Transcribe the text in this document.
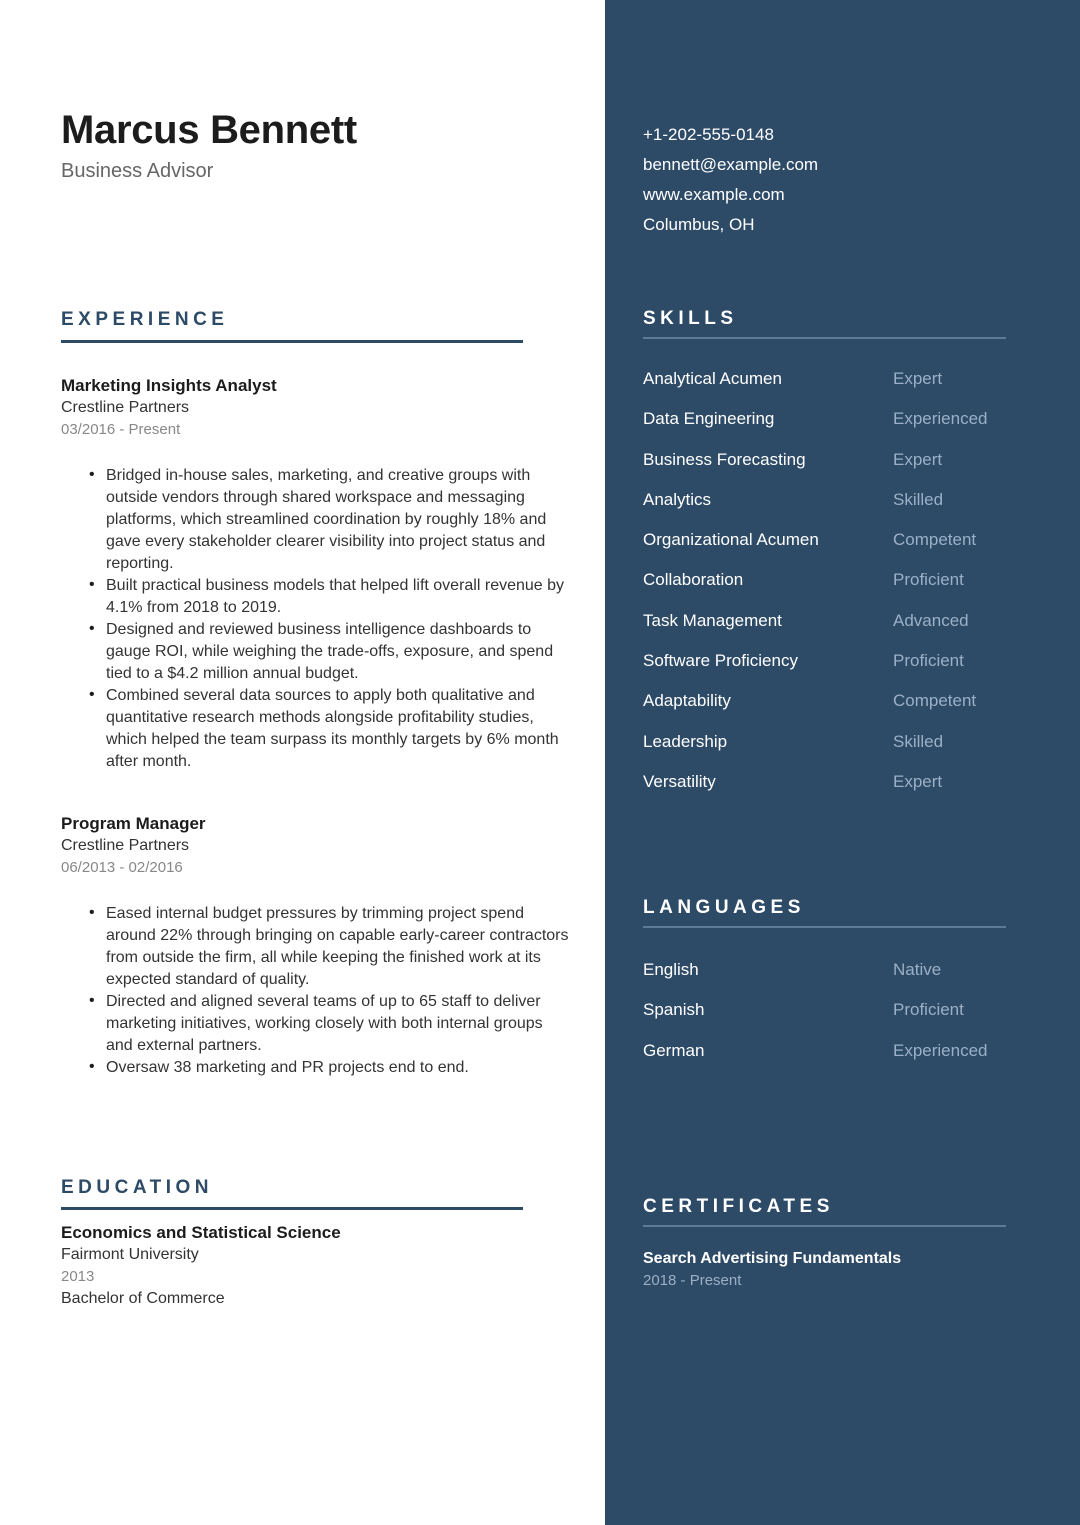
Marcus Bennett
Business Advisor
EXPERIENCE
Marketing Insights Analyst
Crestline Partners
03/2016 - Present
• Bridged in-house sales, marketing, and creative groups with outside vendors through shared workspace and messaging platforms, which streamlined coordination by roughly 18% and gave every stakeholder clearer visibility into project status and reporting.
• Built practical business models that helped lift overall revenue by 4.1% from 2018 to 2019.
• Designed and reviewed business intelligence dashboards to gauge ROI, while weighing the trade-offs, exposure, and spend tied to a $4.2 million annual budget.
• Combined several data sources to apply both qualitative and quantitative research methods alongside profitability studies, which helped the team surpass its monthly targets by 6% month after month.
Program Manager
Crestline Partners
06/2013 - 02/2016
• Eased internal budget pressures by trimming project spend around 22% through bringing on capable early-career contractors from outside the firm, all while keeping the finished work at its expected standard of quality.
• Directed and aligned several teams of up to 65 staff to deliver marketing initiatives, working closely with both internal groups and external partners.
• Oversaw 38 marketing and PR projects end to end.
EDUCATION
Economics and Statistical Science
Fairmont University
2013
Bachelor of Commerce
+1-202-555-0148
bennett@example.com
www.example.com
Columbus, OH
SKILLS
Analytical Acumen	Expert
Data Engineering	Experienced
Business Forecasting	Expert
Analytics	Skilled
Organizational Acumen	Competent
Collaboration	Proficient
Task Management	Advanced
Software Proficiency	Proficient
Adaptability	Competent
Leadership	Skilled
Versatility	Expert
LANGUAGES
English	Native
Spanish	Proficient
German	Experienced
CERTIFICATES
Search Advertising Fundamentals
2018 - Present
